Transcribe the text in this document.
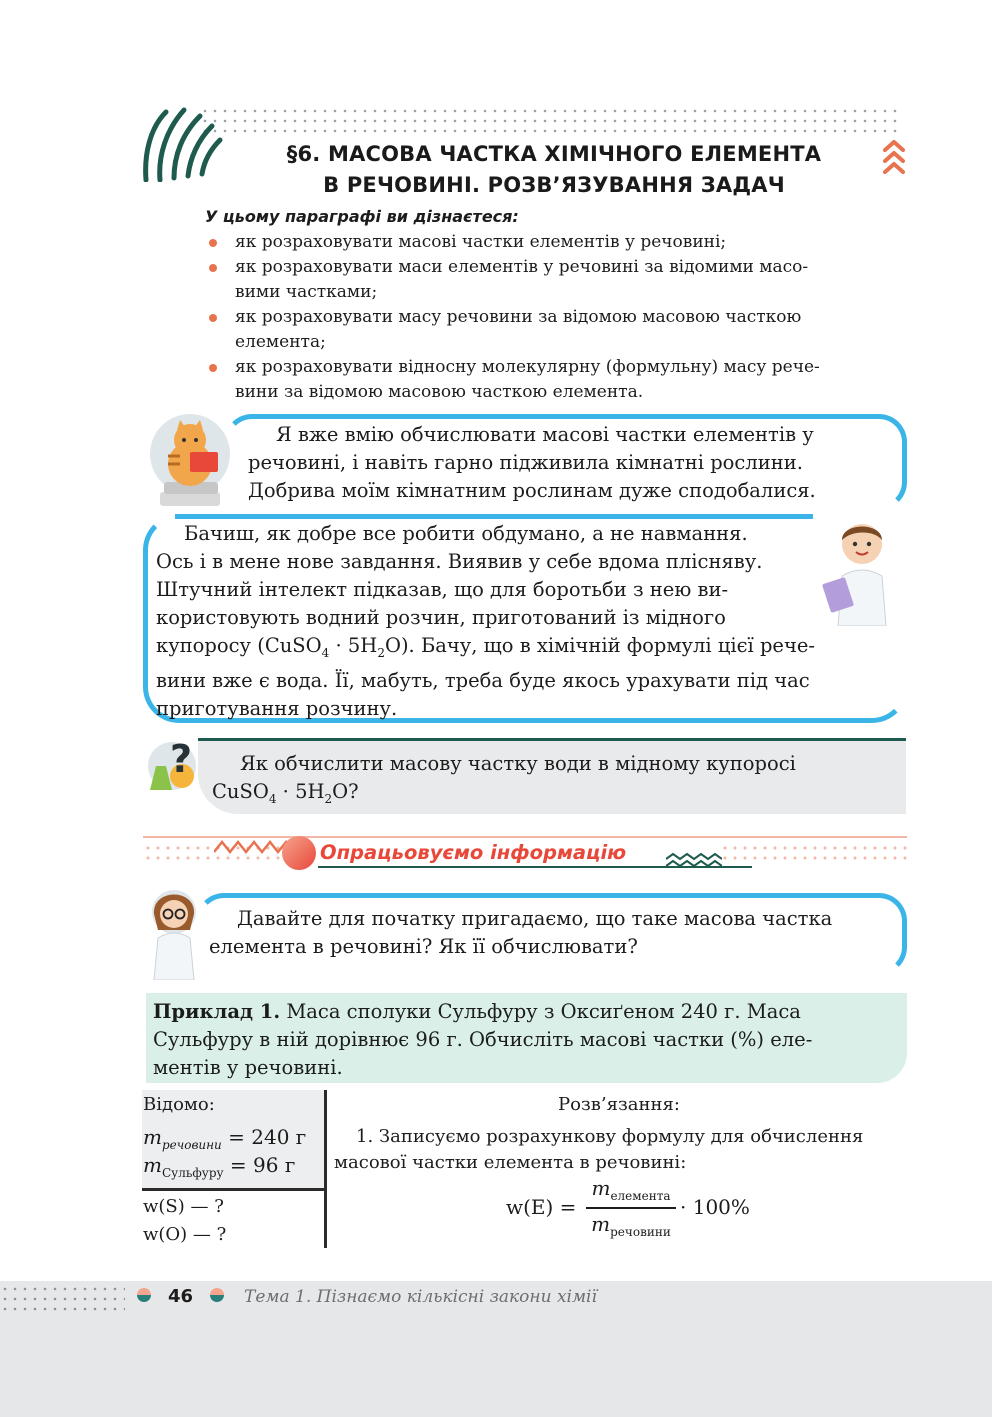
§6. МАСОВА ЧАСТКА ХІМІЧНОГО ЕЛЕМЕНТА
В РЕЧОВИНІ. РОЗВ’ЯЗУВАННЯ ЗАДАЧ
У цьому параграфі ви дізнаєтеся:
як розраховувати масові частки елементів у речовині;
як розраховувати маси елементів у речовині за відомими масо-
вими частками;
як розраховувати масу речовини за відомою масовою часткою
елемента;
як розраховувати відносну молекулярну (формульну) масу рече-
вини за відомою масовою часткою елемента.
Я вже вмію обчислювати масові частки елементів у
речовині, і навіть гарно підживила кімнатні рослини.
Добрива моїм кімнатним рослинам дуже сподобалися.
Бачиш, як добре все робити обдумано, а не навмання.
Ось і в мене нове завдання. Виявив у себе вдома плісняву.
Штучний інтелект підказав, що для боротьби з нею ви-
користовують водний розчин, приготований із мідного
купоросу (CuSO$_4$ · $5H_2O$). Бачу, що в хімічній формулі цієї рече-
вини вже є вода. Її, мабуть, треба буде якось урахувати під час
приготування розчину.
?	Як обчислити масову частку води в мідному купоросі
CuSO$_4$ · $5H_2O$?
Опрацьовуємо інформацію
Давайте для початку пригадаємо, що таке масова частка
елемента в речовині? Як її обчислювати?
Приклад 1. Маса сполуки Сульфуру з Оксиґеном 240 г. Маса
Сульфуру в ній дорівнює 96 г. Обчисліть масові частки (%) еле-
ментів у речовині.
Відомо:
$m_{речовини} = 240$ г
$m_{Сульфуру} = 96$ г
w(S) — ?
w(O) — ?
Розв’язання:
1. Записуємо розрахункову формулу для обчислення
масової частки елемента в речовині:
w(E) =
$m_{елемента}$
$m_{речовини}$
· 100%
46	Тема 1. Пізнаємо кількісні закони хімії
